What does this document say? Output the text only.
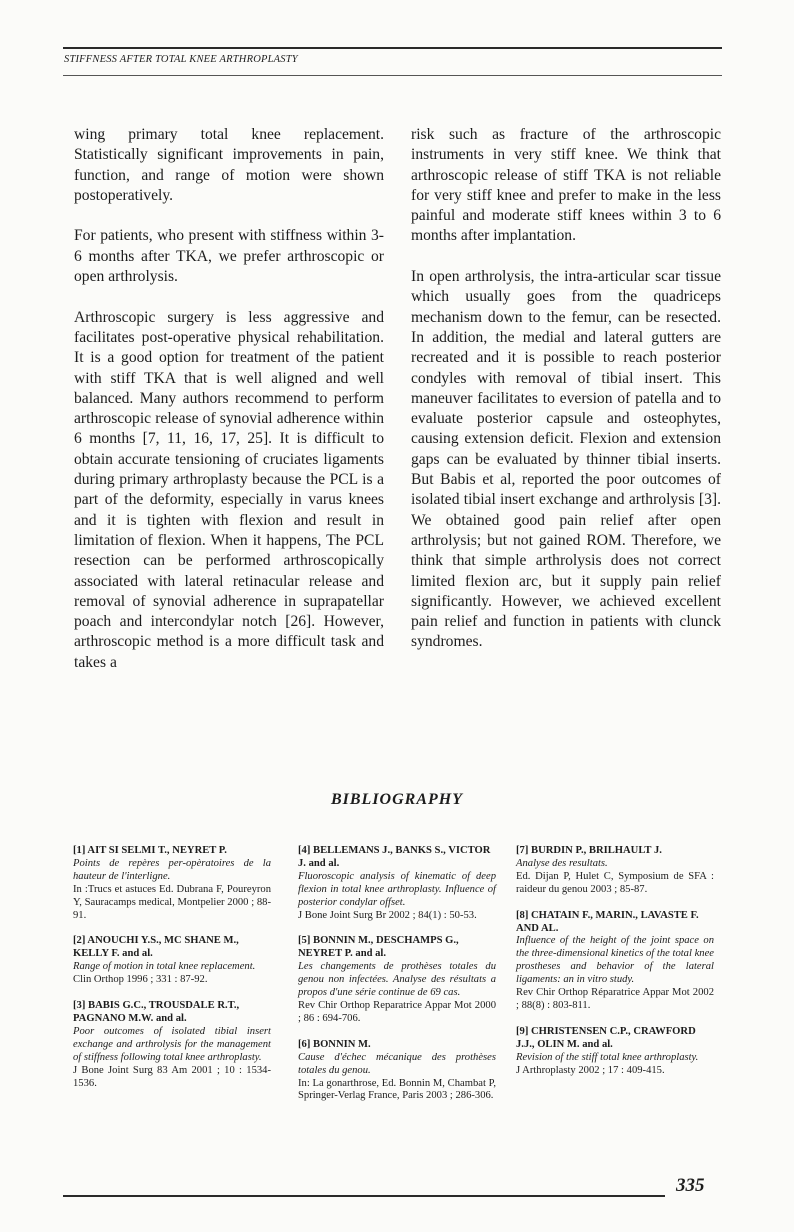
STIFFNESS AFTER TOTAL KNEE ARTHROPLASTY

wing primary total knee replacement. Statistically significant improvements in pain, function, and range of motion were shown postoperatively.

For patients, who present with stiffness within 3-6 months after TKA, we prefer arthroscopic or open arthrolysis.

Arthroscopic surgery is less aggressive and facilitates post-operative physical rehabilitation. It is a good option for treatment of the patient with stiff TKA that is well aligned and well balanced. Many authors recommend to perform arthroscopic release of synovial adherence within 6 months [7, 11, 16, 17, 25]. It is difficult to obtain accurate tensioning of cruciates ligaments during primary arthroplasty because the PCL is a part of the deformity, especially in varus knees and it is tighten with flexion and result in limitation of flexion. When it happens, The PCL resection can be performed arthroscopically associated with lateral retinacular release and removal of synovial adherence in suprapatellar poach and intercondylar notch [26]. However, arthroscopic method is a more difficult task and takes a

risk such as fracture of the arthroscopic instruments in very stiff knee. We think that arthroscopic release of stiff TKA is not reliable for very stiff knee and prefer to make in the less painful and moderate stiff knees within 3 to 6 months after implantation.

In open arthrolysis, the intra-articular scar tissue which usually goes from the quadriceps mechanism down to the femur, can be resected. In addition, the medial and lateral gutters are recreated and it is possible to reach posterior condyles with removal of tibial insert. This maneuver facilitates to eversion of patella and to evaluate posterior capsule and osteophytes, causing extension deficit. Flexion and extension gaps can be evaluated by thinner tibial inserts. But Babis et al, reported the poor outcomes of isolated tibial insert exchange and arthrolysis [3]. We obtained good pain relief after open arthrolysis; but not gained ROM. Therefore, we think that simple arthrolysis does not correct limited flexion arc, but it supply pain relief significantly. However, we achieved excellent pain relief and function in patients with clunck syndromes.

BIBLIOGRAPHY
[1] AIT SI SELMI T., NEYRET P.
Points de repères per-opèratoires de la hauteur de l'interligne.
In :Trucs et astuces Ed. Dubrana F, Poureyron Y, Sauracamps medical, Montpelier 2000 ; 88-91.
[2] ANOUCHI Y.S., MC SHANE M., KELLY F. and al.
Range of motion in total knee replacement.
Clin Orthop 1996 ; 331 : 87-92.
[3] BABIS G.C., TROUSDALE R.T., PAGNANO M.W. and al.
Poor outcomes of isolated tibial insert exchange and arthrolysis for the management of stiffness following total knee arthroplasty.
J Bone Joint Surg 83 Am 2001 ; 10 : 1534-1536.
[4] BELLEMANS J., BANKS S., VICTOR J. and al.
Fluoroscopic analysis of kinematic of deep flexion in total knee arthroplasty. Influence of posterior condylar offset.
J Bone Joint Surg Br 2002 ; 84(1) : 50-53.
[5] BONNIN M., DESCHAMPS G., NEYRET P. and al.
Les changements de prothèses totales du genou non infectées. Analyse des résultats a propos d'une série continue de 69 cas.
Rev Chir Orthop Reparatrice Appar Mot 2000 ; 86 : 694-706.
[6] BONNIN M.
Cause d'échec mécanique des prothèses totales du genou.
In: La gonarthrose, Ed. Bonnin M, Chambat P, Springer-Verlag France, Paris 2003 ; 286-306.
[7] BURDIN P., BRILHAULT J.
Analyse des resultats.
Ed. Dijan P, Hulet C, Symposium de SFA : raideur du genou 2003 ; 85-87.
[8] CHATAIN F., MARIN., LAVASTE F. AND AL.
Influence of the height of the joint space on the three-dimensional kinetics of the total knee prostheses and behavior of the lateral ligaments: an in vitro study.
Rev Chir Orthop Réparatrice Appar Mot 2002 ; 88(8) : 803-811.
[9] CHRISTENSEN C.P., CRAWFORD J.J., OLIN M. and al.
Revision of the stiff total knee arthroplasty.
J Arthroplasty 2002 ; 17 : 409-415.
335
